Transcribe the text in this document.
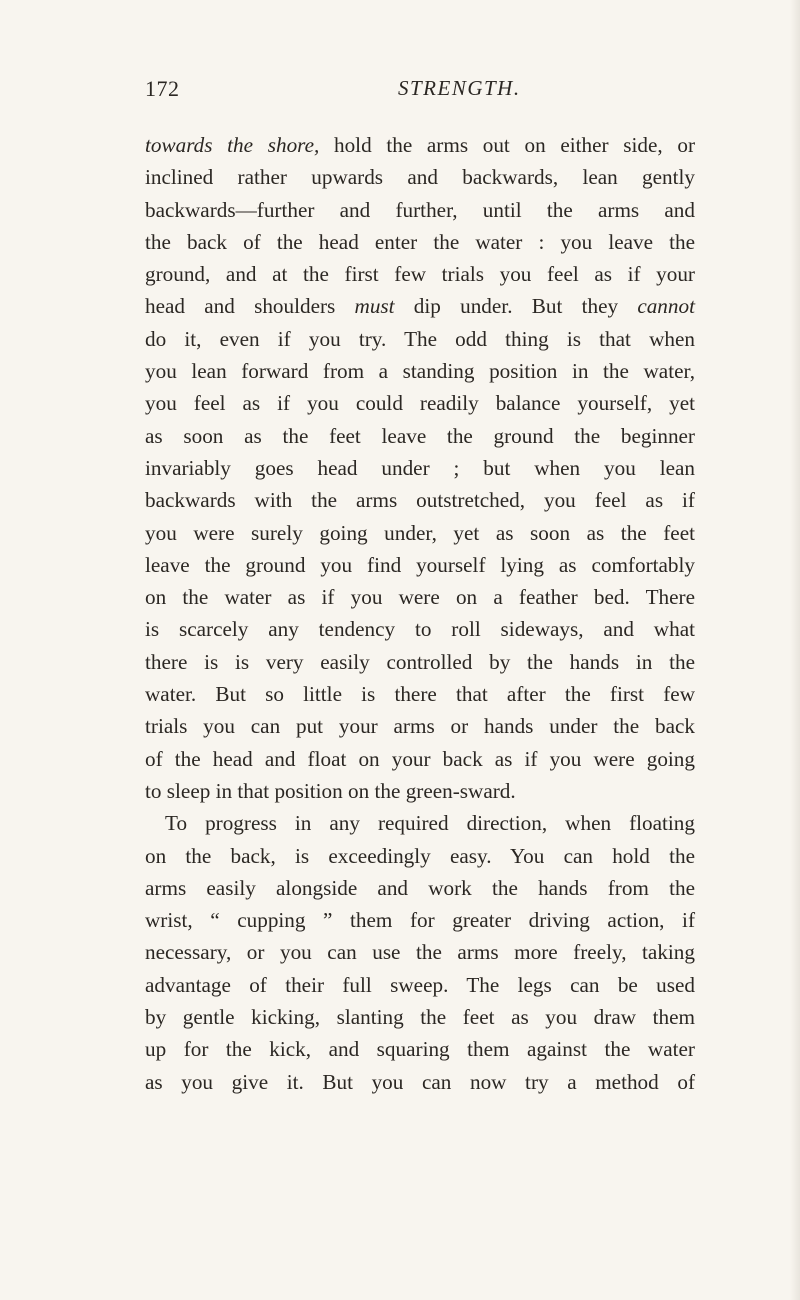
172	STRENGTH.
towards the shore, hold the arms out on either side, or
inclined rather upwards and backwards, lean gently
backwards—further and further, until the arms and
the back of the head enter the water : you leave the
ground, and at the first few trials you feel as if your
head and shoulders must dip under. But they cannot
do it, even if you try. The odd thing is that when
you lean forward from a standing position in the water,
you feel as if you could readily balance yourself, yet
as soon as the feet leave the ground the beginner
invariably goes head under ; but when you lean
backwards with the arms outstretched, you feel as if
you were surely going under, yet as soon as the feet
leave the ground you find yourself lying as comfortably
on the water as if you were on a feather bed. There
is scarcely any tendency to roll sideways, and what
there is is very easily controlled by the hands in the
water. But so little is there that after the first few
trials you can put your arms or hands under the back
of the head and float on your back as if you were going
to sleep in that position on the green-sward.
To progress in any required direction, when floating
on the back, is exceedingly easy. You can hold the
arms easily alongside and work the hands from the
wrist, “ cupping ” them for greater driving action, if
necessary, or you can use the arms more freely, taking
advantage of their full sweep. The legs can be used
by gentle kicking, slanting the feet as you draw them
up for the kick, and squaring them against the water
as you give it. But you can now try a method of
